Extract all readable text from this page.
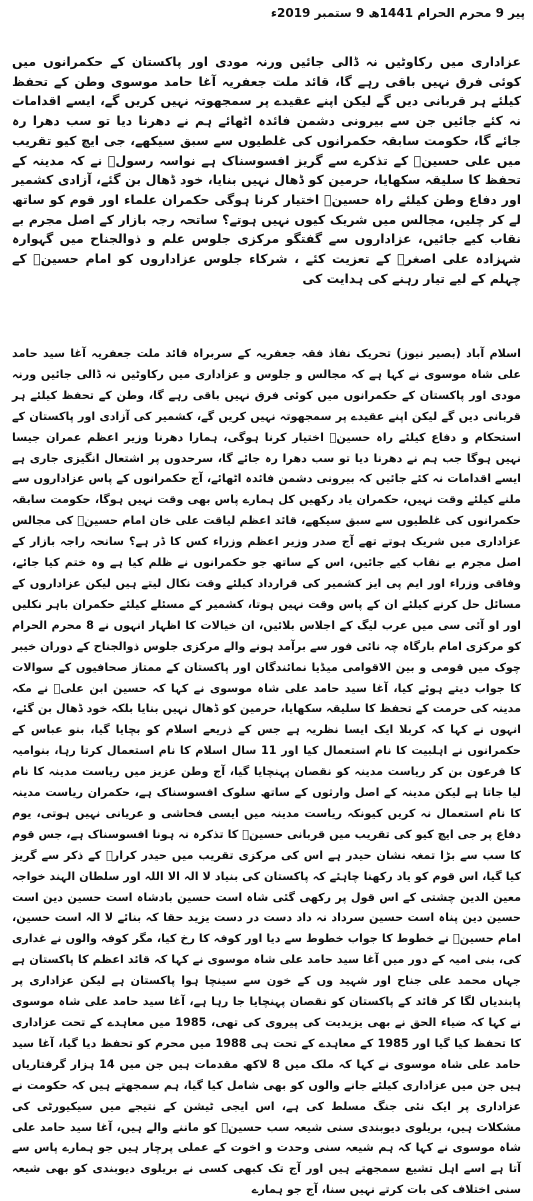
پیر 9 محرم الحرام 1441ھ 9 ستمبر 2019ء
عزاداری میں رکاوٹیں نہ ڈالی جائیں ورنہ مودی اور پاکستان کے حکمرانوں میں کوئی فرق نہیں باقی رہے گا، قائد ملت جعفریہ آغا حامد موسوی وطن کے تحفظ کیلئے ہر قربانی دیں گے لیکن اپنے عقیدے پر سمجھوتہ نہیں کریں گے، ایسے اقدامات نہ کئے جائیں جن سے بیرونی دشمن فائدہ اٹھائے ہم نے دھرنا دیا تو سب دھرا رہ جائے گا، حکومت سابقہ حکمرانوں کی غلطیوں سے سبق سیکھے، جی ایچ کیو تقریب میں علی حسینؑ کے تذکرے سے گریز افسوسناک ہے نواسہ رسولؐ نے کہ مدینہ کے تحفظ کا سلیقہ سکھایا، حرمین کو ڈھال نہیں بنایا، خود ڈھال بن گئے، آزادی کشمیر اور دفاع وطن کیلئے راہ حسینؑ اختیار کرنا ہوگی حکمران علماء اور قوم کو ساتھ لے کر چلیں، مجالس میں شریک کیوں نہیں ہوتے؟ ساتحہ رجہ بازار کے اصل مجرم بے نقاب کیے جائیں، عزاداروں سے گفتگو مرکزی جلوس علم و ذوالجناح میں گہوارہ شہزادہ علی اصغرؑ کے تعزیت کئے ، شرکاء جلوس عزاداروں کو امام حسینؑ کے چہلم کے لیے تیار رہنے کی ہدایت کی
اسلام آباد (بصیر نیوز) تحریک نفاذ فقہ جعفریہ کے سربراہ قائد ملت جعفریہ آغا سید حامد علی شاہ موسوی نے کہا ہے کہ مجالس و جلوس و عزاداری میں رکاوٹیں نہ ڈالی جائیں ورنہ مودی اور پاکستان کے حکمرانوں میں کوئی فرق نہیں باقی رہے گا، وطن کے تحفظ کیلئے ہر قربانی دیں گے لیکن اپنے عقیدے پر سمجھوتہ نہیں کریں گے، کشمیر کی آزادی اور پاکستان کے استحکام و دفاع کیلئے راہ حسینؑ اختیار کرنا ہوگی، ہمارا دھرنا وزیر اعظم عمران جیسا نہیں ہوگا جب ہم نے دھرنا دیا تو سب دھرا رہ جائے گا، سرحدوں پر اشتعال انگیزی جاری ہے ایسے اقدامات نہ کئے جائیں کہ بیرونی دشمن فائدہ اٹھائے، آج حکمرانوں کے پاس عزاداروں سے ملنے کیلئے وقت نہیں، حکمران یاد رکھیں کل ہمارے پاس بھی وقت نہیں ہوگا، حکومت سابقہ حکمرانوں کی غلطیوں سے سبق سیکھے، قائد اعظم لیاقت علی خان امام حسینؑ کی مجالس عزاداری میں شریک ہوتے تھے آج صدر وزیر اعظم وزراء کس کا ڈر ہے؟ سانحہ راجہ بازار کے اصل مجرم بے نقاب کیے جائیں، اس کے ساتھ جو حکمرانوں نے ظلم کیا ہے وہ ختم کیا جائے، وفاقی وزراء اور ایم پی ایز کشمیر کی قرارداد کیلئے وقت نکال لیتے ہیں لیکن عزاداروں کے مسائل حل کرنے کیلئے ان کے پاس وقت نہیں ہوتا، کشمیر کے مسئلے کیلئے حکمران باہر نکلیں اور او آئی سی میں عرب لیگ کے اجلاس بلائیں، ان خیالات کا اظہار انہوں نے 8 محرم الحرام کو مرکزی امام بارگاہ چہ نائی فور سے برآمد ہونے والے مرکزی جلوس ذوالجناح کے دوران خیبر چوک میں قومی و بین الاقوامی میڈیا نمائندگان اور پاکستان کے ممتاز صحافیوں کے سوالات کا جواب دیتے ہوئے کیا، آغا سید حامد علی شاہ موسوی نے کہا کہ حسین ابن علیؑ نے مکہ مدینہ کی حرمت کے تحفظ کا سلیقہ سکھایا، حرمین کو ڈھال نہیں بنایا بلکہ خود ڈھال بن گئے، انہوں نے کہا کہ کربلا ایک ایسا نظریہ ہے جس کے ذریعے اسلام کو بچایا گیا، بنو عباس کے حکمرانوں نے اہلبیت کا نام استعمال کیا اور 11 سال اسلام کا نام استعمال کرتا رہا، بنوامیہ کا فرعون بن کر ریاست مدینہ کو نقصان پہنچایا گیا، آج وطن عزیز میں ریاست مدینہ کا نام لیا جاتا ہے لیکن مدینہ کے اصل وارثوں کے ساتھ سلوک افسوسناک ہے، حکمران ریاست مدینہ کا نام استعمال نہ کریں کیونکہ ریاست مدینہ میں ایسی فحاشی و عریانی نہیں ہوتی، یوم دفاع پر جی ایچ کیو کی تقریب میں قربانی حسینؑ کا تذکرہ نہ ہونا افسوسناک ہے، جس قوم کا سب سے بڑا تمغہ نشان حیدر ہے اس کی مرکزی تقریب میں حیدر کرارؑ کے ذکر سے گریز کیا گیا، اس قوم کو یاد رکھنا چاہئے کہ پاکستان کی بنیاد لا الہ الا اللہ اور سلطان الہند خواجہ معین الدین چشتی کے اس قول پر رکھی گئی شاہ است حسین بادشاہ است حسین دین است حسین دین پناہ است حسین سرداد نہ داد دست در دست یزید حقا کہ بنائے لا الہ است حسین، امام حسینؑ نے خطوط کا جواب خطوط سے دیا اور کوفہ کا رخ کیا، مگر کوفہ والوں نے غداری کی، بنی امیہ کے دور میں آغا سید حامد علی شاہ موسوی نے کہا کہ قائد اعظم کا پاکستان ہے جہاں محمد علی جناح اور شہید وں کے خون سے سینچا ہوا پاکستان ہے لیکن عزاداری پر پابندیاں لگا کر قائد کے پاکستان کو نقصان پہنچایا جا رہا ہے، آغا سید حامد علی شاہ موسوی نے کہا کہ ضیاء الحق نے بھی یزیدیت کی پیروی کی تھی، 1985 میں معاہدے کے تحت عزاداری کا تحفظ کیا گیا اور 1985 کے معاہدے کے تحت ہی 1988 میں محرم کو تحفظ دیا گیا، آغا سید حامد علی شاہ موسوی نے کہا کہ ملک میں 8 لاکھ مقدمات ہیں جن میں 14 ہزار گرفتاریاں ہیں جن میں عزاداری کیلئے جانے والوں کو بھی شامل کیا گیا، ہم سمجھتے ہیں کہ حکومت نے عزاداری پر ایک نئی جنگ مسلط کی ہے، اس ایجی ٹیشن کے نتیجے میں سیکیورٹی کی مشکلات ہیں، بریلوی دیوبندی سنی شیعہ سب حسینؑ کو ماننے والے ہیں، آغا سید حامد علی شاہ موسوی نے کہا کہ ہم شیعہ سنی وحدت و اخوت کے عملی پرچار ہیں جو ہمارے پاس سے آتا ہے اسے اہل تشیع سمجھتے ہیں اور آج تک کبھی کسی نے بریلوی دیوبندی کو بھی شیعہ سنی اختلاف کی بات کرتے نہیں سنا، آج جو ہمارے
